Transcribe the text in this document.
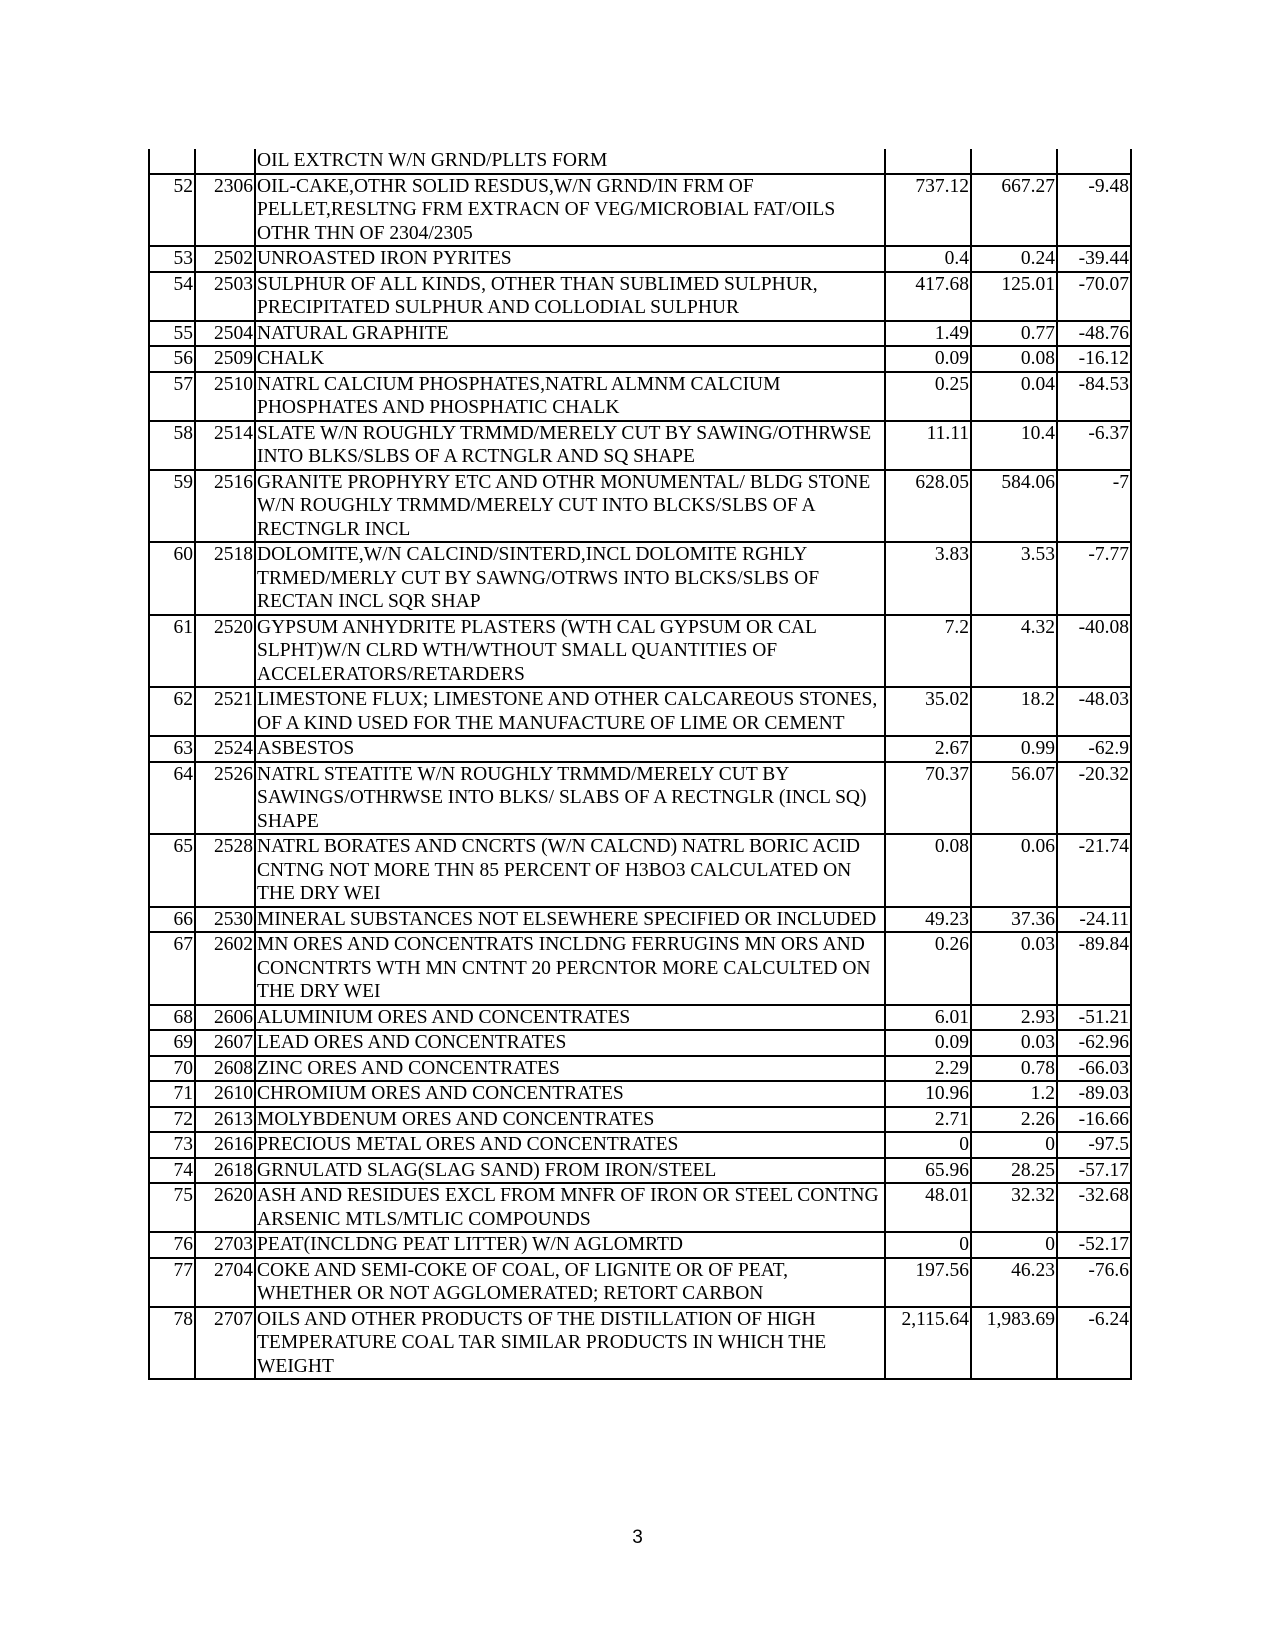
		OIL EXTRCTN W/N GRND/PLLTS FORM			
52	2306	OIL-CAKE,OTHR SOLID RESDUS,W/N GRND/IN FRM OF PELLET,RESLTNG FRM EXTRACN OF VEG/MICROBIAL FAT/OILS OTHR THN OF 2304/2305	737.12	667.27	-9.48
53	2502	UNROASTED IRON PYRITES	0.4	0.24	-39.44
54	2503	SULPHUR OF ALL KINDS, OTHER THAN SUBLIMED SULPHUR, PRECIPITATED SULPHUR AND COLLODIAL SULPHUR	417.68	125.01	-70.07
55	2504	NATURAL GRAPHITE	1.49	0.77	-48.76
56	2509	CHALK	0.09	0.08	-16.12
57	2510	NATRL CALCIUM PHOSPHATES,NATRL ALMNM CALCIUM PHOSPHATES AND PHOSPHATIC CHALK	0.25	0.04	-84.53
58	2514	SLATE W/N ROUGHLY TRMMD/MERELY CUT BY SAWING/OTHRWSE INTO BLKS/SLBS OF A RCTNGLR AND SQ SHAPE	11.11	10.4	-6.37
59	2516	GRANITE PROPHYRY ETC AND OTHR MONUMENTAL/ BLDG STONE W/N ROUGHLY TRMMD/MERELY CUT INTO BLCKS/SLBS OF A RECTNGLR INCL	628.05	584.06	-7
60	2518	DOLOMITE,W/N CALCIND/SINTERD,INCL DOLOMITE RGHLY TRMED/MERLY CUT BY SAWNG/OTRWS INTO BLCKS/SLBS OF RECTAN INCL SQR SHAP	3.83	3.53	-7.77
61	2520	GYPSUM ANHYDRITE PLASTERS (WTH CAL GYPSUM OR CAL SLPHT)W/N CLRD WTH/WTHOUT SMALL QUANTITIES OF ACCELERATORS/RETARDERS	7.2	4.32	-40.08
62	2521	LIMESTONE FLUX; LIMESTONE AND OTHER CALCAREOUS STONES, OF A KIND USED FOR THE MANUFACTURE OF LIME OR CEMENT	35.02	18.2	-48.03
63	2524	ASBESTOS	2.67	0.99	-62.9
64	2526	NATRL STEATITE W/N ROUGHLY TRMMD/MERELY CUT BY SAWINGS/OTHRWSE INTO BLKS/ SLABS OF A RECTNGLR (INCL SQ) SHAPE	70.37	56.07	-20.32
65	2528	NATRL BORATES AND CNCRTS (W/N CALCND) NATRL BORIC ACID CNTNG NOT MORE THN 85 PERCENT OF H3BO3 CALCULATED ON THE DRY WEI	0.08	0.06	-21.74
66	2530	MINERAL SUBSTANCES NOT ELSEWHERE SPECIFIED OR INCLUDED	49.23	37.36	-24.11
67	2602	MN ORES AND CONCENTRATS INCLDNG FERRUGINS MN ORS AND CONCNTRTS WTH MN CNTNT 20 PERCNTOR MORE CALCULTED ON THE DRY WEI	0.26	0.03	-89.84
68	2606	ALUMINIUM ORES AND CONCENTRATES	6.01	2.93	-51.21
69	2607	LEAD ORES AND CONCENTRATES	0.09	0.03	-62.96
70	2608	ZINC ORES AND CONCENTRATES	2.29	0.78	-66.03
71	2610	CHROMIUM ORES AND CONCENTRATES	10.96	1.2	-89.03
72	2613	MOLYBDENUM ORES AND CONCENTRATES	2.71	2.26	-16.66
73	2616	PRECIOUS METAL ORES AND CONCENTRATES	0	0	-97.5
74	2618	GRNULATD SLAG(SLAG SAND) FROM IRON/STEEL	65.96	28.25	-57.17
75	2620	ASH AND RESIDUES EXCL FROM MNFR OF IRON OR STEEL CONTNG ARSENIC MTLS/MTLIC COMPOUNDS	48.01	32.32	-32.68
76	2703	PEAT(INCLDNG PEAT LITTER) W/N AGLOMRTD	0	0	-52.17
77	2704	COKE AND SEMI-COKE OF COAL, OF LIGNITE OR OF PEAT, WHETHER OR NOT AGGLOMERATED; RETORT CARBON	197.56	46.23	-76.6
78	2707	OILS AND OTHER PRODUCTS OF THE DISTILLATION OF HIGH TEMPERATURE COAL TAR SIMILAR PRODUCTS IN WHICH THE WEIGHT	2,115.64	1,983.69	-6.24
3
